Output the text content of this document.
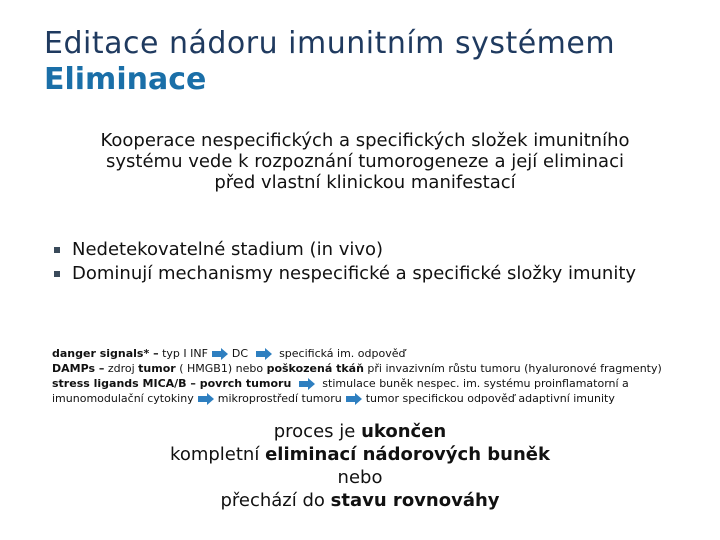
Editace nádoru imunitním systémem
Eliminace
Kooperace nespecifických a specifických složek imunitního
systému vede k rozpoznání tumorogeneze a její eliminaci
před vlastní klinickou manifestací
Nedetekovatelné stadium (in vivo)
Dominují mechanismy nespecifické a specifické složky imunity
danger signals* – typ I INF DC	specifická im. odpověď
DAMPs – zdroj tumor ( HMGB1) nebo poškozená tkáň při invazivním růstu tumoru (hyaluronové fragmenty)
stress ligands MICA/B – povrch tumoru	stimulace buněk nespec. im. systému proinflamatorní a
imunomodulační cytokiny mikroprostředí tumoru tumor specifickou odpověď adaptivní imunity
proces je ukončen
kompletní eliminací nádorových buněk
nebo
přechází do stavu rovnováhy
